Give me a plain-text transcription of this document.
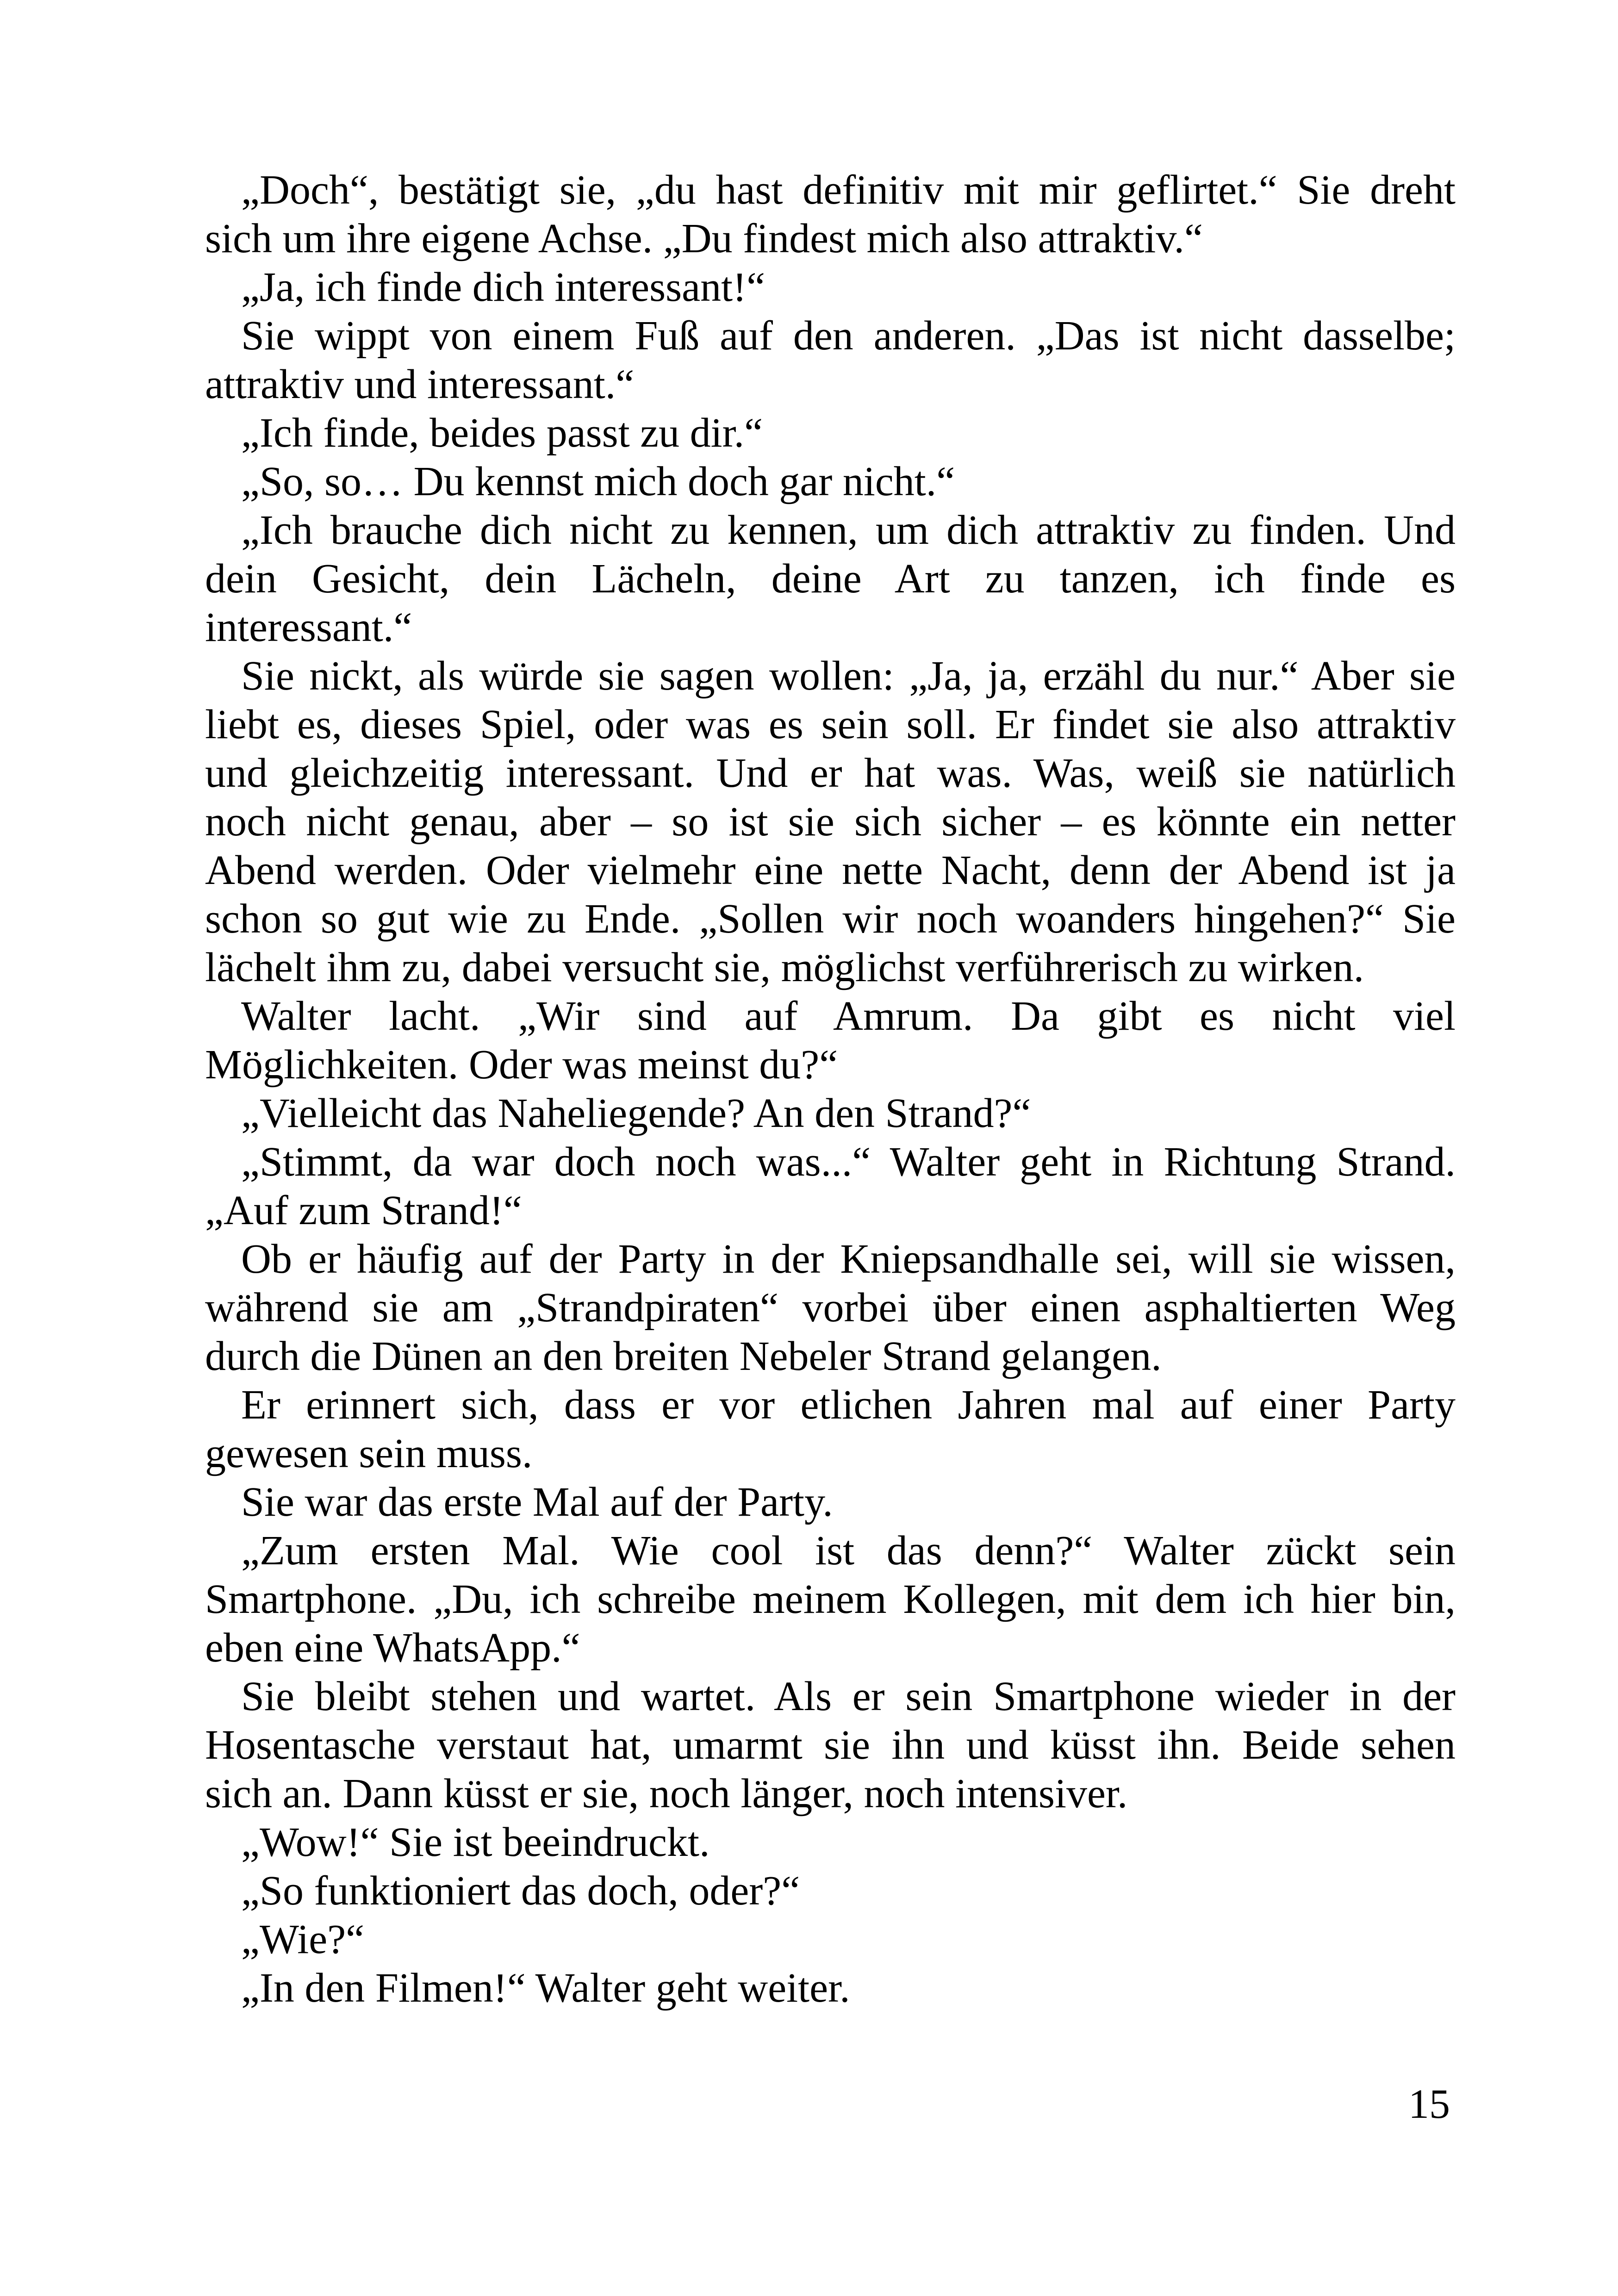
„Doch“, bestätigt sie, „du hast definitiv mit mir geflirtet.“ Sie dreht
sich um ihre eigene Achse. „Du findest mich also attraktiv.“

„Ja, ich finde dich interessant!“

Sie wippt von einem Fuß auf den anderen. „Das ist nicht dasselbe;
attraktiv und interessant.“

„Ich finde, beides passt zu dir.“

„So, so… Du kennst mich doch gar nicht.“

„Ich brauche dich nicht zu kennen, um dich attraktiv zu finden. Und
dein Gesicht, dein Lächeln, deine Art zu tanzen, ich finde es
interessant.“

Sie nickt, als würde sie sagen wollen: „Ja, ja, erzähl du nur.“ Aber sie
liebt es, dieses Spiel, oder was es sein soll. Er findet sie also attraktiv
und gleichzeitig interessant. Und er hat was. Was, weiß sie natürlich
noch nicht genau, aber – so ist sie sich sicher – es könnte ein netter
Abend werden. Oder vielmehr eine nette Nacht, denn der Abend ist ja
schon so gut wie zu Ende. „Sollen wir noch woanders hingehen?“ Sie
lächelt ihm zu, dabei versucht sie, möglichst verführerisch zu wirken.

Walter lacht. „Wir sind auf Amrum. Da gibt es nicht viel
Möglichkeiten. Oder was meinst du?“

„Vielleicht das Naheliegende? An den Strand?“

„Stimmt, da war doch noch was...“ Walter geht in Richtung Strand.
„Auf zum Strand!“

Ob er häufig auf der Party in der Kniepsandhalle sei, will sie wissen,
während sie am „Strandpiraten“ vorbei über einen asphaltierten Weg
durch die Dünen an den breiten Nebeler Strand gelangen.

Er erinnert sich, dass er vor etlichen Jahren mal auf einer Party
gewesen sein muss.

Sie war das erste Mal auf der Party.

„Zum ersten Mal. Wie cool ist das denn?“ Walter zückt sein
Smartphone. „Du, ich schreibe meinem Kollegen, mit dem ich hier bin,
eben eine WhatsApp.“

Sie bleibt stehen und wartet. Als er sein Smartphone wieder in der
Hosentasche verstaut hat, umarmt sie ihn und küsst ihn. Beide sehen
sich an. Dann küsst er sie, noch länger, noch intensiver.

„Wow!“ Sie ist beeindruckt.

„So funktioniert das doch, oder?“

„Wie?“

„In den Filmen!“ Walter geht weiter.

15
